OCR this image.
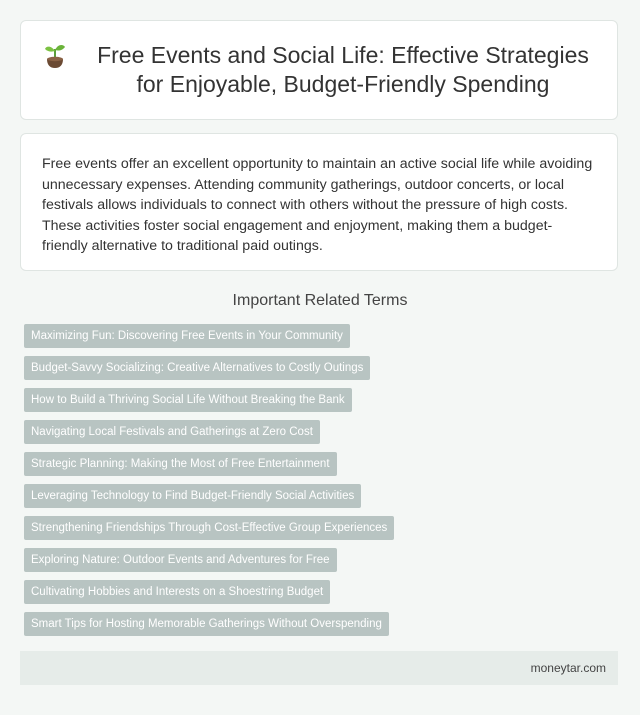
Free Events and Social Life: Effective Strategies for Enjoyable, Budget-Friendly Spending

Free events offer an excellent opportunity to maintain an active social life while avoiding unnecessary expenses. Attending community gatherings, outdoor concerts, or local festivals allows individuals to connect with others without the pressure of high costs. These activities foster social engagement and enjoyment, making them a budget-friendly alternative to traditional paid outings.

Important Related Terms
Maximizing Fun: Discovering Free Events in Your Community
Budget-Savvy Socializing: Creative Alternatives to Costly Outings
How to Build a Thriving Social Life Without Breaking the Bank
Navigating Local Festivals and Gatherings at Zero Cost
Strategic Planning: Making the Most of Free Entertainment
Leveraging Technology to Find Budget-Friendly Social Activities
Strengthening Friendships Through Cost-Effective Group Experiences
Exploring Nature: Outdoor Events and Adventures for Free
Cultivating Hobbies and Interests on a Shoestring Budget
Smart Tips for Hosting Memorable Gatherings Without Overspending
moneytar.com
